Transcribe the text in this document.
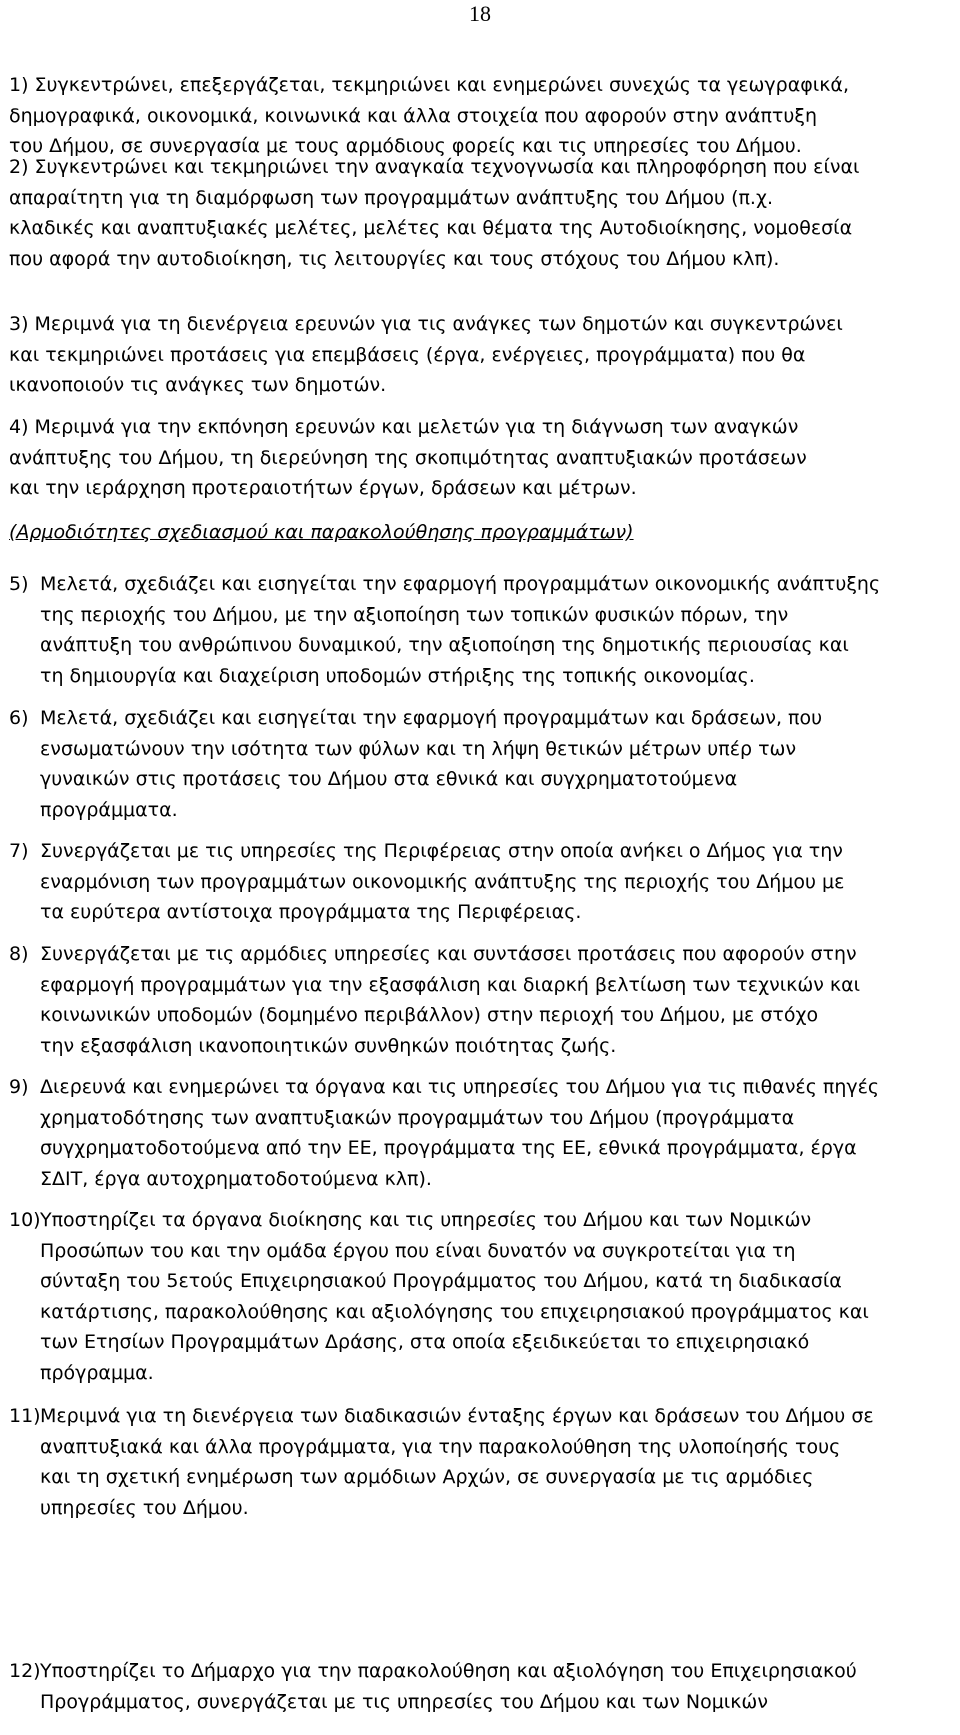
18
1) Συγκεντρώνει, επεξεργάζεται, τεκμηριώνει και ενημερώνει συνεχώς τα γεωγραφικά,
δημογραφικά, οικονομικά, κοινωνικά και άλλα στοιχεία που αφορούν στην ανάπτυξη
του Δήμου, σε συνεργασία με τους αρμόδιους φορείς και τις υπηρεσίες του Δήμου.
2) Συγκεντρώνει και τεκμηριώνει την αναγκαία τεχνογνωσία και πληροφόρηση που είναι
απαραίτητη για τη διαμόρφωση των προγραμμάτων ανάπτυξης του Δήμου (π.χ.
κλαδικές και αναπτυξιακές μελέτες, μελέτες και θέματα της Αυτοδιοίκησης, νομοθεσία
που αφορά την αυτοδιοίκηση, τις λειτουργίες και τους στόχους του Δήμου κλπ).
3) Μεριμνά για τη διενέργεια ερευνών για τις ανάγκες των δημοτών και συγκεντρώνει
και τεκμηριώνει προτάσεις για επεμβάσεις (έργα, ενέργειες, προγράμματα) που θα
ικανοποιούν τις ανάγκες των δημοτών.
4) Μεριμνά για την εκπόνηση ερευνών και μελετών για τη διάγνωση των αναγκών
ανάπτυξης του Δήμου, τη διερεύνηση της σκοπιμότητας αναπτυξιακών προτάσεων
και την ιεράρχηση προτεραιοτήτων έργων, δράσεων και μέτρων.
(Αρμοδιότητες σχεδιασμού και παρακολούθησης προγραμμάτων)
5) Μελετά, σχεδιάζει και εισηγείται την εφαρμογή προγραμμάτων οικονομικής ανάπτυξης
της περιοχής του Δήμου, με την αξιοποίηση των τοπικών φυσικών πόρων, την
ανάπτυξη του ανθρώπινου δυναμικού, την αξιοποίηση της δημοτικής περιουσίας και
τη δημιουργία και διαχείριση υποδομών στήριξης της τοπικής οικονομίας.
6) Μελετά, σχεδιάζει και εισηγείται την εφαρμογή προγραμμάτων και δράσεων, που
ενσωματώνουν την ισότητα των φύλων και τη λήψη θετικών μέτρων υπέρ των
γυναικών στις προτάσεις του Δήμου στα εθνικά και συγχρηματοτούμενα
προγράμματα.
7) Συνεργάζεται με τις υπηρεσίες της Περιφέρειας στην οποία ανήκει ο Δήμος για την
εναρμόνιση των προγραμμάτων οικονομικής ανάπτυξης της περιοχής του Δήμου με
τα ευρύτερα αντίστοιχα προγράμματα της Περιφέρειας.
8) Συνεργάζεται με τις αρμόδιες υπηρεσίες και συντάσσει προτάσεις που αφορούν στην
εφαρμογή προγραμμάτων για την εξασφάλιση και διαρκή βελτίωση των τεχνικών και
κοινωνικών υποδομών (δομημένο περιβάλλον) στην περιοχή του Δήμου, με στόχο
την εξασφάλιση ικανοποιητικών συνθηκών ποιότητας ζωής.
9) Διερευνά και ενημερώνει τα όργανα και τις υπηρεσίες του Δήμου για τις πιθανές πηγές
χρηματοδότησης των αναπτυξιακών προγραμμάτων του Δήμου (προγράμματα
συγχρηματοδοτούμενα από την ΕΕ, προγράμματα της ΕΕ, εθνικά προγράμματα, έργα
ΣΔΙΤ, έργα αυτοχρηματοδοτούμενα κλπ).
10) Υποστηρίζει τα όργανα διοίκησης και τις υπηρεσίες του Δήμου και των Νομικών
Προσώπων του και την ομάδα έργου που είναι δυνατόν να συγκροτείται για τη
σύνταξη του 5ετούς Επιχειρησιακού Προγράμματος του Δήμου, κατά τη διαδικασία
κατάρτισης, παρακολούθησης και αξιολόγησης του επιχειρησιακού προγράμματος και
των Ετησίων Προγραμμάτων Δράσης, στα οποία εξειδικεύεται το επιχειρησιακό
πρόγραμμα.
11) Μεριμνά για τη διενέργεια των διαδικασιών ένταξης έργων και δράσεων του Δήμου σε
αναπτυξιακά και άλλα προγράμματα, για την παρακολούθηση της υλοποίησής τους
και τη σχετική ενημέρωση των αρμόδιων Αρχών, σε συνεργασία με τις αρμόδιες
υπηρεσίες του Δήμου.
12) Υποστηρίζει το Δήμαρχο για την παρακολούθηση και αξιολόγηση του Επιχειρησιακού
Προγράμματος, συνεργάζεται με τις υπηρεσίες του Δήμου και των Νομικών
